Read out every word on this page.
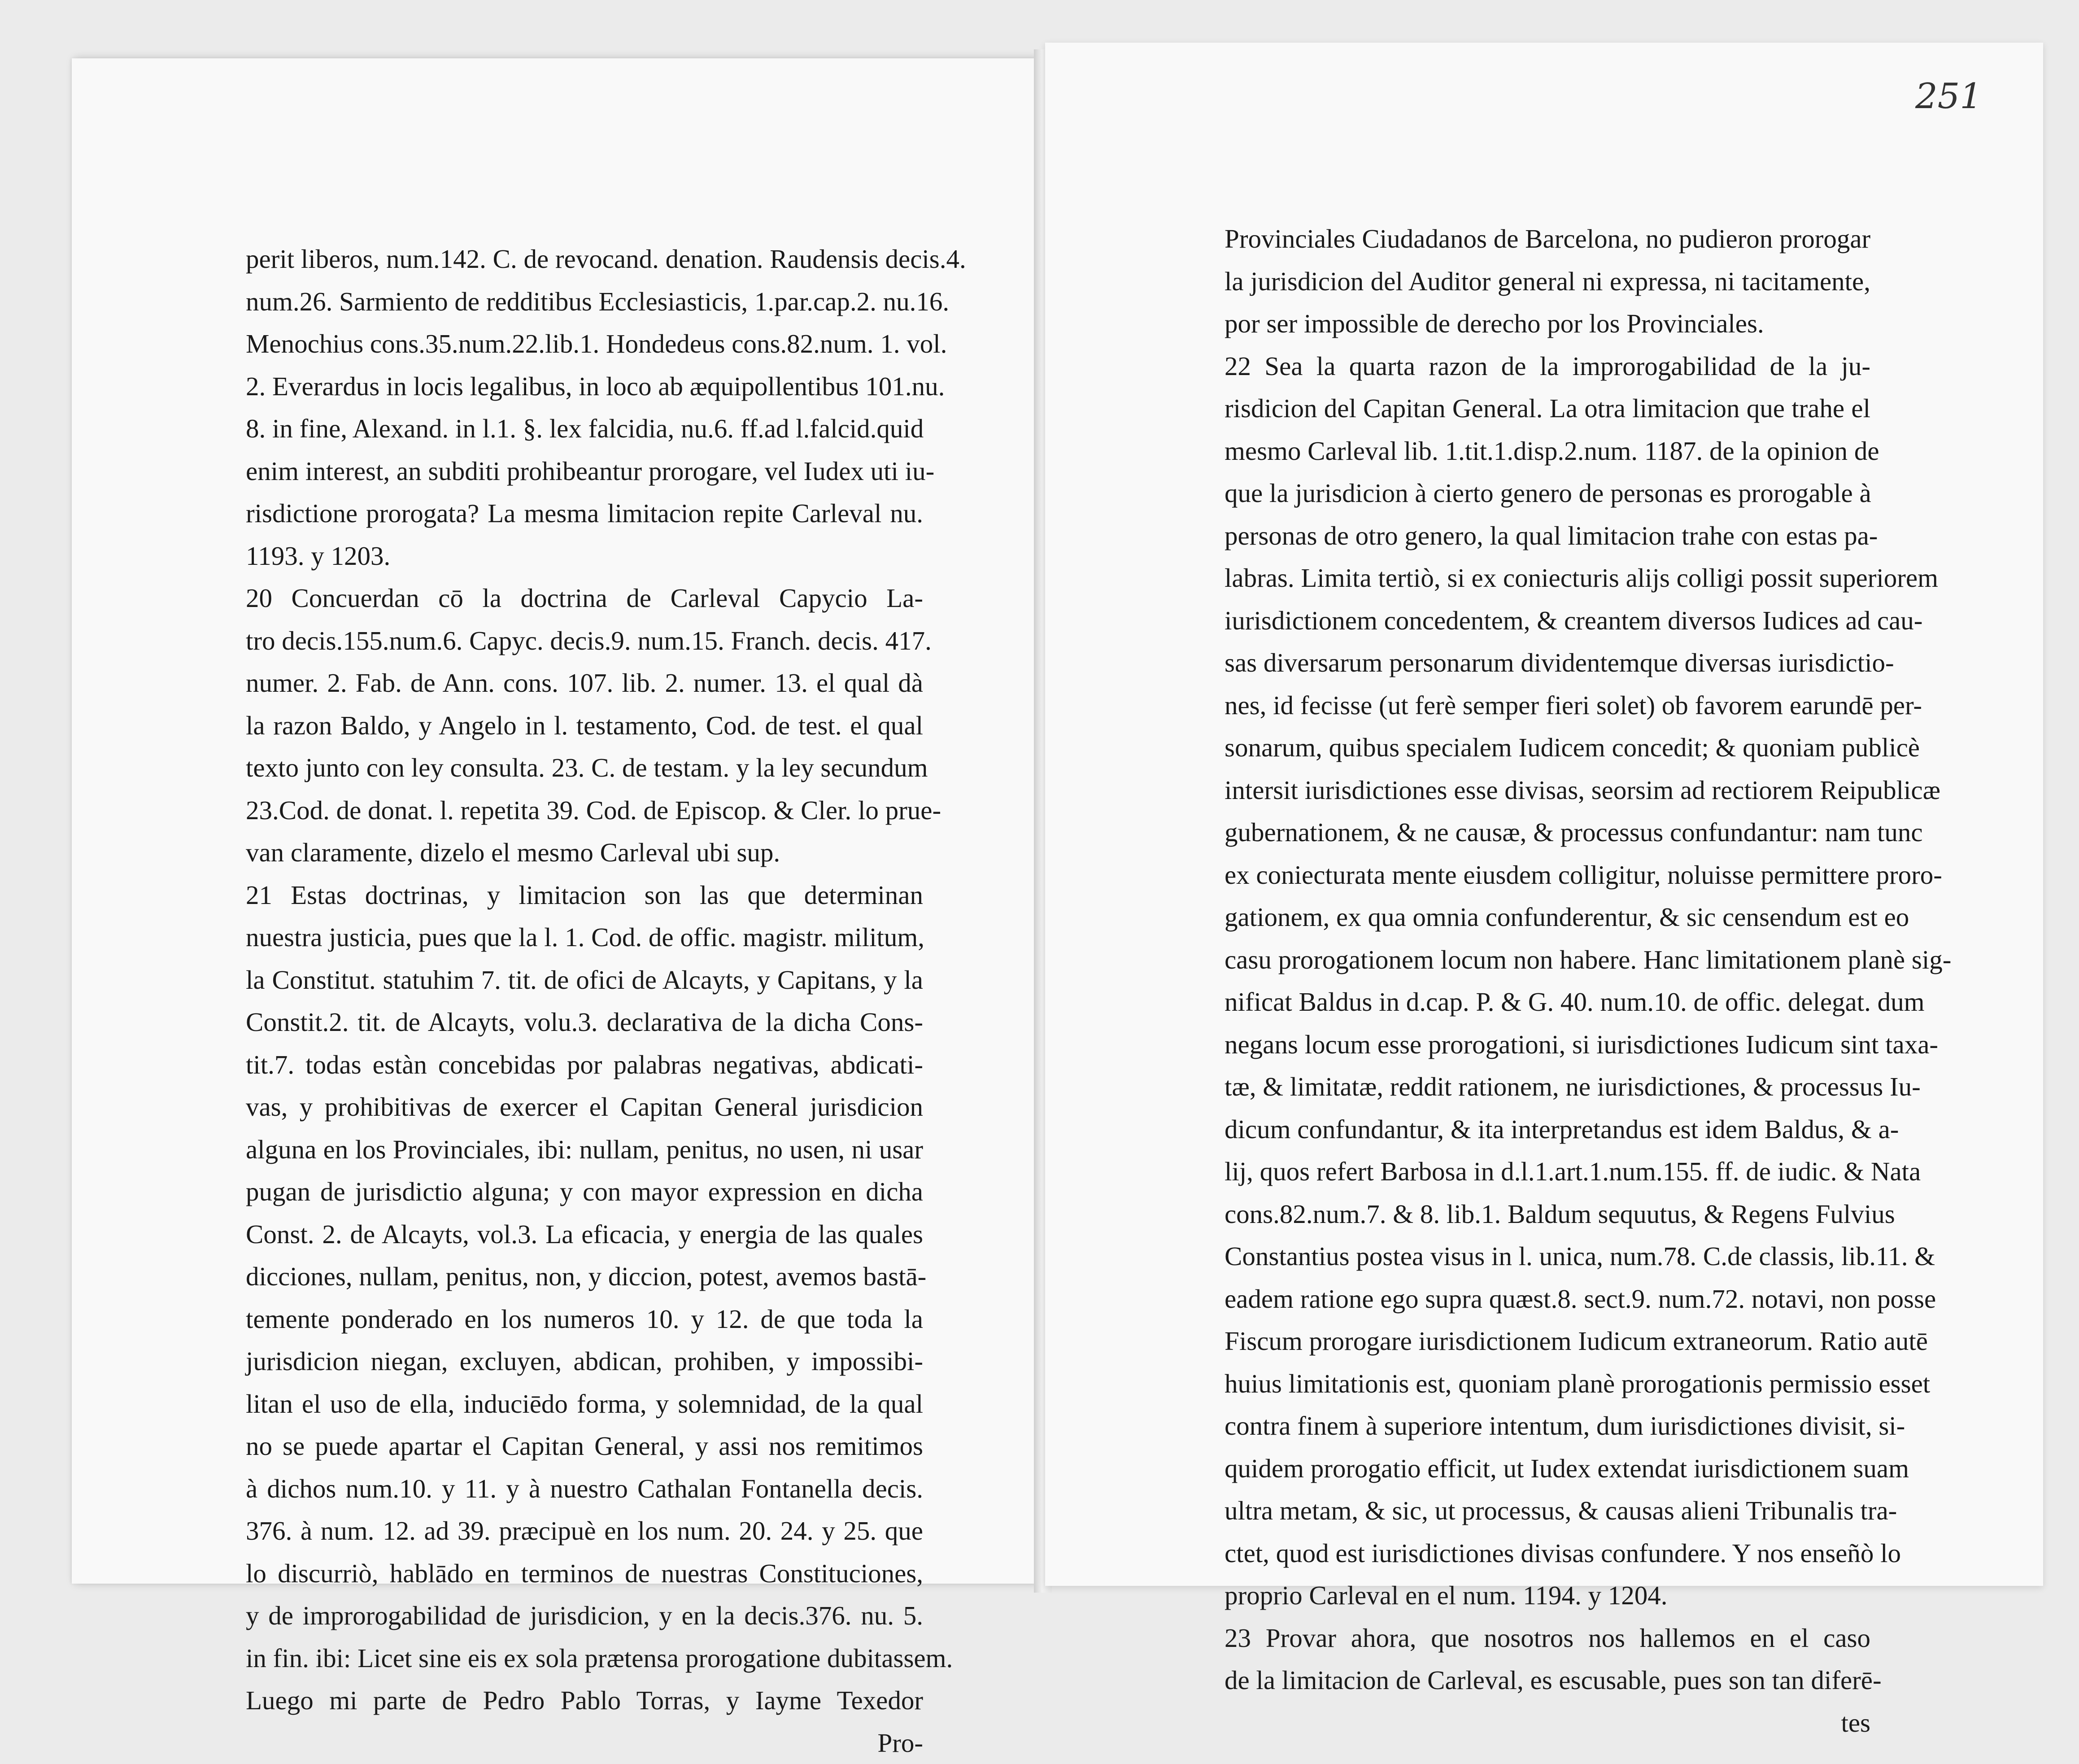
251
perit liberos, num.142. C. de revocand. denation. Raudensis decis.4.
num.26. Sarmiento de redditibus Ecclesiasticis, 1.par.cap.2. nu.16.
Menochius cons.35.num.22.lib.1. Hondedeus cons.82.num. 1. vol.
2. Everardus in locis legalibus, in loco ab æquipollentibus 101.nu.
8. in fine, Alexand. in l.1. §. lex falcidia, nu.6. ff.ad l.falcid.quid
enim interest, an subditi prohibeantur prorogare, vel Iudex uti iu-
risdictione prorogata? La mesma limitacion repite Carleval nu.
1193. y 1203.
20 Concuerdan cō la doctrina de Carleval Capycio La-
tro decis.155.num.6. Capyc. decis.9. num.15. Franch. decis. 417.
numer. 2. Fab. de Ann. cons. 107. lib. 2. numer. 13. el qual dà
la razon Baldo, y Angelo in l. testamento, Cod. de test. el qual
texto junto con ley consulta. 23. C. de testam. y la ley secundum
23.Cod. de donat. l. repetita 39. Cod. de Episcop. & Cler. lo prue-
van claramente, dizelo el mesmo Carleval ubi sup.
21 Estas doctrinas, y limitacion son las que determinan
nuestra justicia, pues que la l. 1. Cod. de offic. magistr. militum,
la Constitut. statuhim 7. tit. de ofici de Alcayts, y Capitans, y la
Constit.2. tit. de Alcayts, volu.3. declarativa de la dicha Cons-
tit.7. todas estàn concebidas por palabras negativas, abdicati-
vas, y prohibitivas de exercer el Capitan General jurisdicion
alguna en los Provinciales, ibi: nullam, penitus, no usen, ni usar
pugan de jurisdictio alguna; y con mayor expression en dicha
Const. 2. de Alcayts, vol.3. La eficacia, y energia de las quales
dicciones, nullam, penitus, non, y diccion, potest, avemos bastā-
temente ponderado en los numeros 10. y 12. de que toda la
jurisdicion niegan, excluyen, abdican, prohiben, y impossibi-
litan el uso de ella, induciēdo forma, y solemnidad, de la qual
no se puede apartar el Capitan General, y assi nos remitimos
à dichos num.10. y 11. y à nuestro Cathalan Fontanella decis.
376. à num. 12. ad 39. præcipuè en los num. 20. 24. y 25. que
lo discurriò, hablādo en terminos de nuestras Constituciones,
y de improrogabilidad de jurisdicion, y en la decis.376. nu. 5.
in fin. ibi: Licet sine eis ex sola prætensa prorogatione dubitassem.
Luego mi parte de Pedro Pablo Torras, y Iayme Texedor
Pro-
Provinciales Ciudadanos de Barcelona, no pudieron prorogar
la jurisdicion del Auditor general ni expressa, ni tacitamente,
por ser impossible de derecho por los Provinciales.
22 Sea la quarta razon de la improrogabilidad de la ju-
risdicion del Capitan General. La otra limitacion que trahe el
mesmo Carleval lib. 1.tit.1.disp.2.num. 1187. de la opinion de
que la jurisdicion à cierto genero de personas es prorogable à
personas de otro genero, la qual limitacion trahe con estas pa-
labras. Limita tertiò, si ex coniecturis alijs colligi possit superiorem
iurisdictionem concedentem, & creantem diversos Iudices ad cau-
sas diversarum personarum dividentemque diversas iurisdictio-
nes, id fecisse (ut ferè semper fieri solet) ob favorem earundē per-
sonarum, quibus specialem Iudicem concedit; & quoniam publicè
intersit iurisdictiones esse divisas, seorsim ad rectiorem Reipublicæ
gubernationem, & ne causæ, & processus confundantur: nam tunc
ex coniecturata mente eiusdem colligitur, noluisse permittere proro-
gationem, ex qua omnia confunderentur, & sic censendum est eo
casu prorogationem locum non habere. Hanc limitationem planè sig-
nificat Baldus in d.cap. P. & G. 40. num.10. de offic. delegat. dum
negans locum esse prorogationi, si iurisdictiones Iudicum sint taxa-
tæ, & limitatæ, reddit rationem, ne iurisdictiones, & processus Iu-
dicum confundantur, & ita interpretandus est idem Baldus, & a-
lij, quos refert Barbosa in d.l.1.art.1.num.155. ff. de iudic. & Nata
cons.82.num.7. & 8. lib.1. Baldum sequutus, & Regens Fulvius
Constantius postea visus in l. unica, num.78. C.de classis, lib.11. &
eadem ratione ego supra quæst.8. sect.9. num.72. notavi, non posse
Fiscum prorogare iurisdictionem Iudicum extraneorum. Ratio autē
huius limitationis est, quoniam planè prorogationis permissio esset
contra finem à superiore intentum, dum iurisdictiones divisit, si-
quidem prorogatio efficit, ut Iudex extendat iurisdictionem suam
ultra metam, & sic, ut processus, & causas alieni Tribunalis tra-
ctet, quod est iurisdictiones divisas confundere. Y nos enseñò lo
proprio Carleval en el num. 1194. y 1204.
23 Provar ahora, que nosotros nos hallemos en el caso
de la limitacion de Carleval, es escusable, pues son tan diferē-
tes
